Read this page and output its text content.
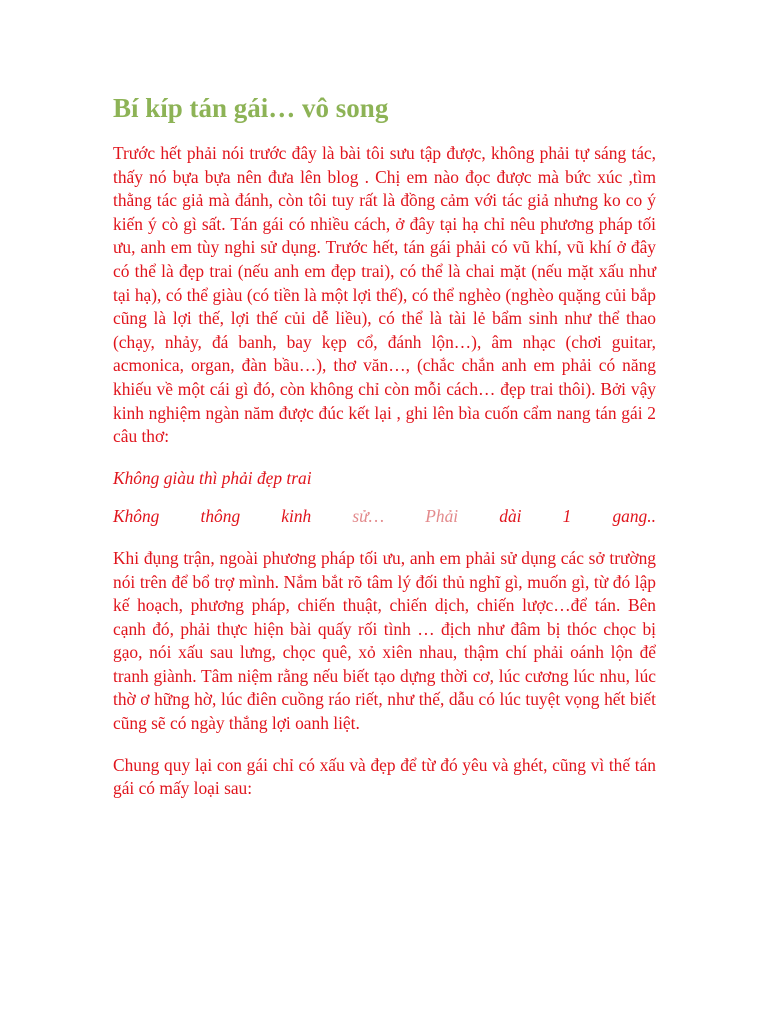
Bí kíp tán gái… vô song
Trước hết phải nói trước đây là bài tôi sưu tập được, không phải tự sáng tác, thấy nó bựa bựa nên đưa lên blog . Chị em nào đọc được mà bức xúc ,tìm thằng tác giả mà đánh, còn tôi tuy rất là đồng cảm với tác giả nhưng ko co ý kiến ý cò gì sất. Tán gái có nhiều cách, ở đây tại hạ chỉ nêu phương pháp tối ưu, anh em tùy nghi sử dụng. Trước hết, tán gái phải có vũ khí, vũ khí ở đây có thể là đẹp trai (nếu anh em đẹp trai), có thể là chai mặt (nếu mặt xấu như tại hạ), có thể giàu (có tiền là một lợi thế), có thể nghèo (nghèo quặng củi bắp cũng là lợi thế, lợi thế củi dễ liều), có thể là tài lẻ bẩm sinh như thể thao (chạy, nhảy, đá banh, bay kẹp cổ, đánh lộn…), âm nhạc (chơi guitar, acmonica, organ, đàn bầu…), thơ văn…, (chắc chắn anh em phải có năng khiếu về một cái gì đó, còn không chỉ còn mỗi cách… đẹp trai thôi). Bởi vậy kinh nghiệm ngàn năm được đúc kết lại , ghi lên bìa cuốn cẩm nang tán gái 2 câu thơ:
Không giàu thì phải đẹp trai
Không thông kinh sử… Phải dài 1 gang..
Khi đụng trận, ngoài phương pháp tối ưu, anh em phải sử dụng các sở trường nói trên để bổ trợ mình. Nắm bắt rõ tâm lý đối thủ nghĩ gì, muốn gì, từ đó lập kế hoạch, phương pháp, chiến thuật, chiến dịch, chiến lược…để tán. Bên cạnh đó, phải thực hiện bài quấy rối tình … địch như đâm bị thóc chọc bị gạo, nói xấu sau lưng, chọc quê, xỏ xiên nhau, thậm chí phải oánh lộn để tranh giành. Tâm niệm rằng nếu biết tạo dựng thời cơ, lúc cương lúc nhu, lúc thờ ơ hững hờ, lúc điên cuồng ráo riết, như thế, dẫu có lúc tuyệt vọng hết biết cũng sẽ có ngày thắng lợi oanh liệt.
Chung quy lại con gái chỉ có xấu và đẹp để từ đó yêu và ghét, cũng vì thế tán gái có mấy loại sau:
